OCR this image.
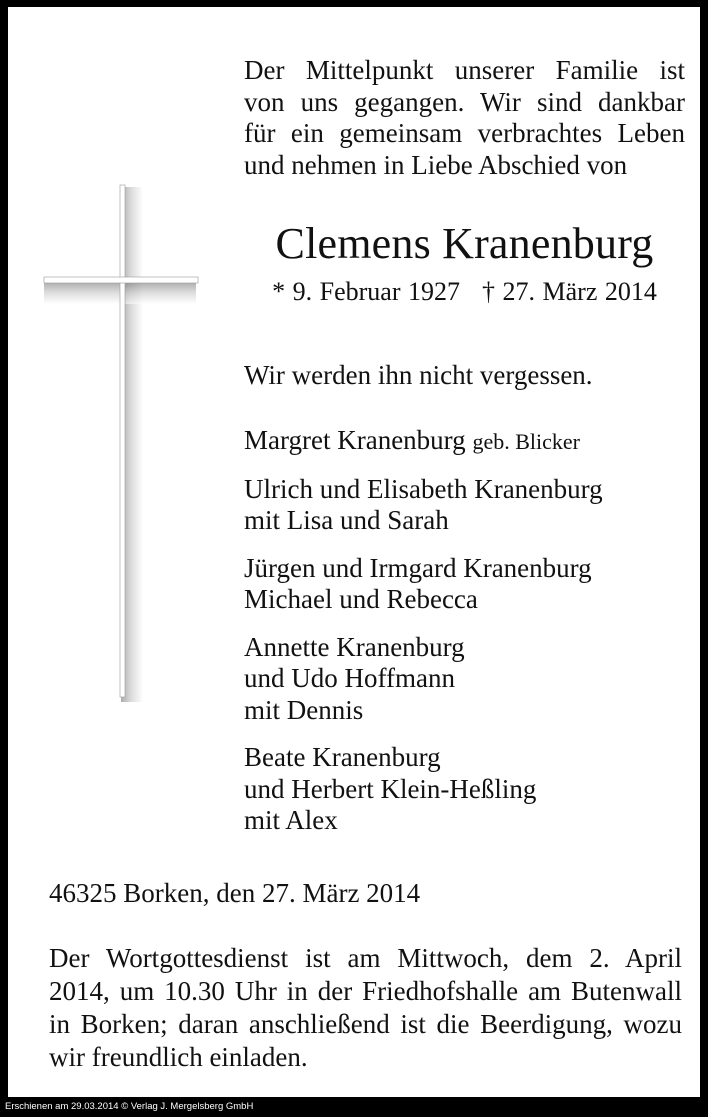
Der Mittelpunkt unserer Familie ist
von uns gegangen. Wir sind dankbar
für ein gemeinsam verbrachtes Leben
und nehmen in Liebe Abschied von
Clemens Kranenburg
* 9. Februar 1927 † 27. März 2014
Wir werden ihn nicht vergessen.
Margret Kranenburg geb. Blicker
Ulrich und Elisabeth Kranenburg
mit Lisa und Sarah
Jürgen und Irmgard Kranenburg
Michael und Rebecca
Annette Kranenburg
und Udo Hoffmann
mit Dennis
Beate Kranenburg
und Herbert Klein-Heßling
mit Alex
46325 Borken, den 27. März 2014
Der Wortgottesdienst ist am Mittwoch, dem 2. April
2014, um 10.30 Uhr in der Friedhofshalle am Butenwall
in Borken; daran anschließend ist die Beerdigung, wozu
wir freundlich einladen.
Erschienen am 29.03.2014 © Verlag J. Mergelsberg GmbH
